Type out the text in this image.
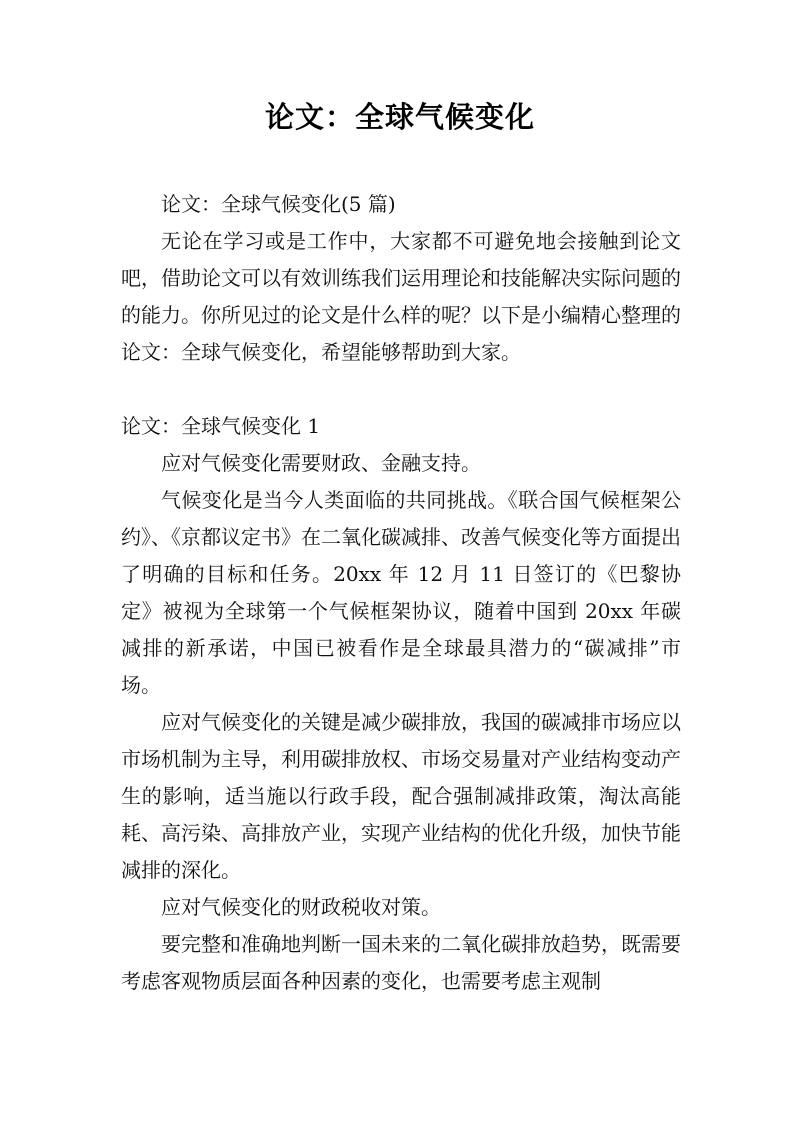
论文：全球气候变化

论文：全球气候变化(5 篇)

无论在学习或是工作中，大家都不可避免地会接触到论文吧，借助论文可以有效训练我们运用理论和技能解决实际问题的的能力。你所见过的论文是什么样的呢？以下是小编精心整理的论文：全球气候变化，希望能够帮助到大家。

论文：全球气候变化 1

应对气候变化需要财政、金融支持。

气候变化是当今人类面临的共同挑战。《联合国气候框架公约》、《京都议定书》在二氧化碳减排、改善气候变化等方面提出了明确的目标和任务。20xx 年 12 月 11 日签订的《巴黎协定》被视为全球第一个气候框架协议，随着中国到 20xx 年碳减排的新承诺，中国已被看作是全球最具潜力的“碳减排”市场。

应对气候变化的关键是减少碳排放，我国的碳减排市场应以市场机制为主导，利用碳排放权、市场交易量对产业结构变动产生的影响，适当施以行政手段，配合强制减排政策，淘汰高能耗、高污染、高排放产业，实现产业结构的优化升级，加快节能减排的深化。

应对气候变化的财政税收对策。

要完整和准确地判断一国未来的二氧化碳排放趋势，既需要考虑客观物质层面各种因素的变化，也需要考虑主观制
